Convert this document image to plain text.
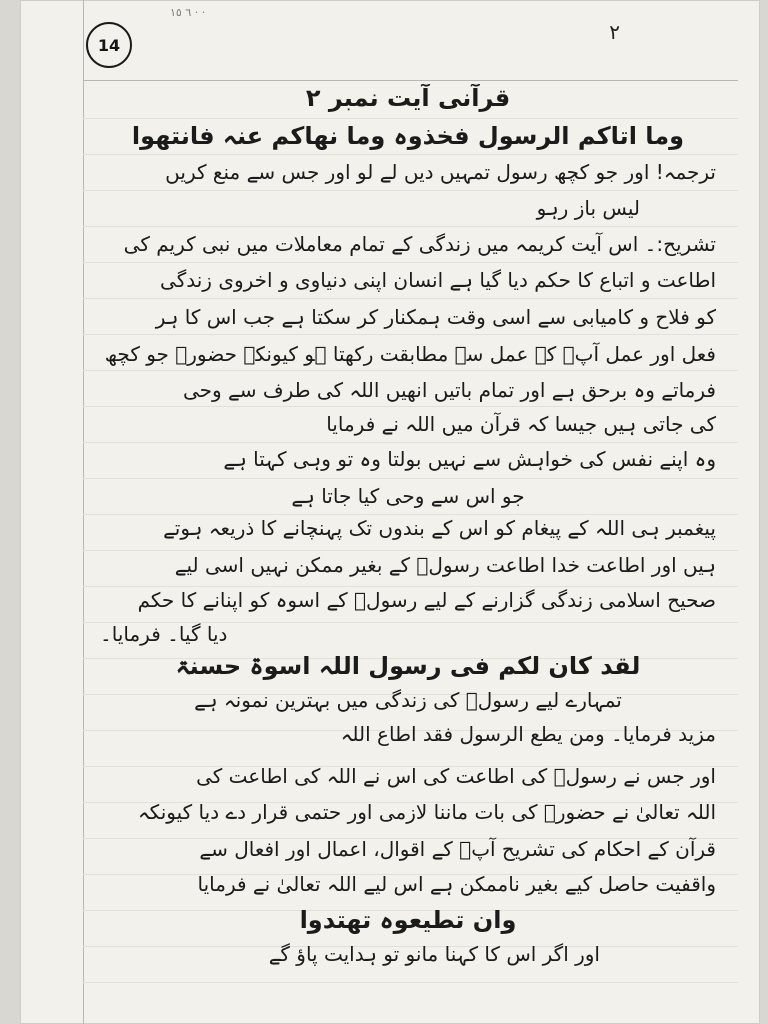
14
٦ ١٥ · ·
٢
قرآنی آیت نمبر ۲
وما اتاکم الرسول فخذوہ وما نھاکم عنہ فانتھوا
ترجمہ! اور جو کچھ رسول تمہیں دیں لے لو اور جس سے منع کریں
لیس باز رہو
تشریح:۔ اس آیت کریمہ میں زندگی کے تمام معاملات میں نبی کریم کی
اطاعت و اتباع کا حکم دیا گیا ہے انسان اپنی دنیاوی و اخروی زندگی
کو فلاح و کامیابی سے اسی وقت ہمکنار کر سکتا ہے جب اس کا ہر
فعل اور عمل آپؐ کے عمل سے مطابقت رکھتا ہو کیونکہ حضورؐ جو کچھ
فرماتے وہ برحق ہے اور تمام باتیں انھیں اللہ کی طرف سے وحی
کی جاتی ہیں جیسا کہ قرآن میں اللہ نے فرمایا
وہ اپنے نفس کی خواہش سے نہیں بولتا وہ تو وہی کہتا ہے
جو اس سے وحی کیا جاتا ہے
پیغمبر ہی اللہ کے پیغام کو اس کے بندوں تک پہنچانے کا ذریعہ ہوتے
ہیں اور اطاعت خدا اطاعت رسولؐ کے بغیر ممکن نہیں اسی لیے
صحیح اسلامی زندگی گزارنے کے لیے رسولؐ کے اسوہ کو اپنانے کا حکم
دیا گیا۔ فرمایا۔
لقد کان لکم فی رسول اللہ اسوۃ حسنۃ
تمہارے لیے رسولؐ کی زندگی میں بہترین نمونہ ہے
مزید فرمایا۔ ومن یطع الرسول فقد اطاع اللہ
اور جس نے رسولؐ کی اطاعت کی اس نے اللہ کی اطاعت کی
اللہ تعالیٰ نے حضورؐ کی بات ماننا لازمی اور حتمی قرار دے دیا کیونکہ
قرآن کے احکام کی تشریح آپؐ کے اقوال، اعمال اور افعال سے
واقفیت حاصل کیے بغیر ناممکن ہے اس لیے اللہ تعالیٰ نے فرمایا
وان تطیعوہ تھتدوا
اور اگر اس کا کہنا مانو تو ہدایت پاؤ گے
